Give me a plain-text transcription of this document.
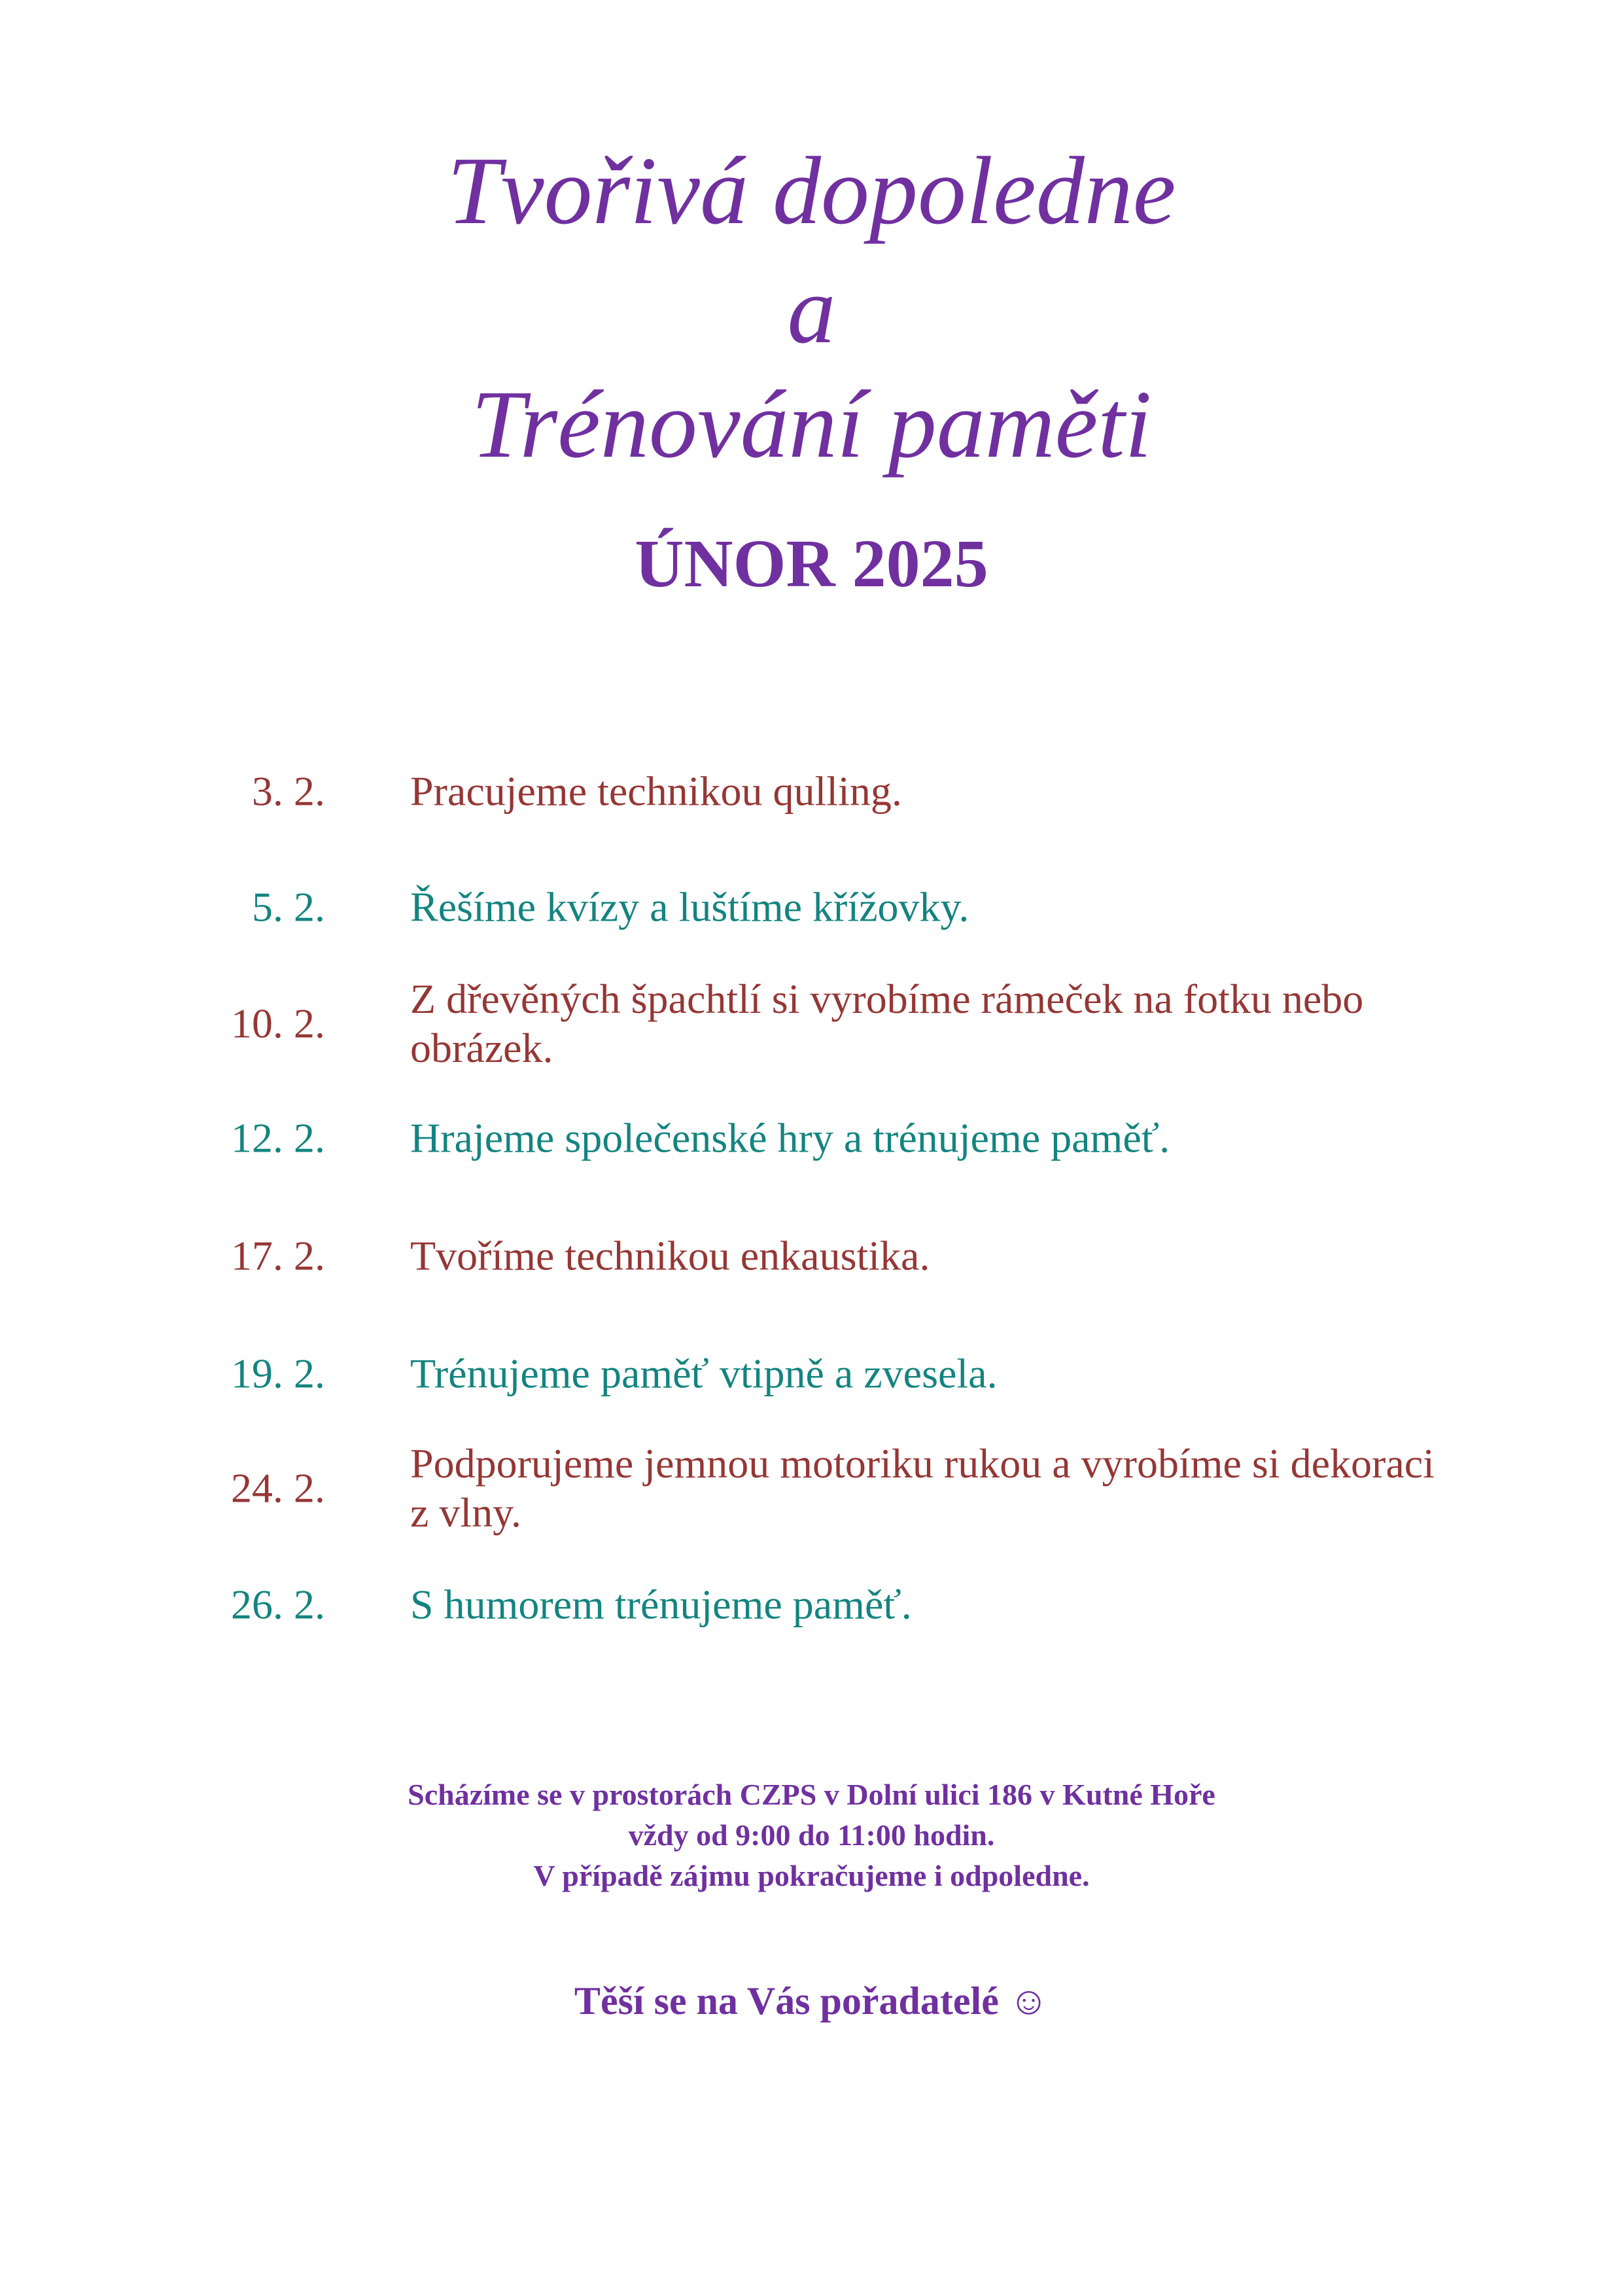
Tvořivá dopoledne
a
Trénování paměti
ÚNOR 2025
3. 2. Pracujeme technikou qulling.
5. 2. Řešíme kvízy a luštíme křížovky.
10. 2.
Z dřevěných špachtlí si vyrobíme rámeček na fotku nebo obrázek.
12. 2. Hrajeme společenské hry a trénujeme paměť.
17. 2. Tvoříme technikou enkaustika.
19. 2. Trénujeme paměť vtipně a zvesela.
24. 2.
Podporujeme jemnou motoriku rukou a vyrobíme si dekoraci z vlny.
26. 2. S humorem trénujeme paměť.
Scházíme se v prostorách CZPS v Dolní ulici 186 v Kutné Hoře
vždy od 9:00 do 11:00 hodin.
V případě zájmu pokračujeme i odpoledne.
Těší se na Vás pořadatelé ☺
